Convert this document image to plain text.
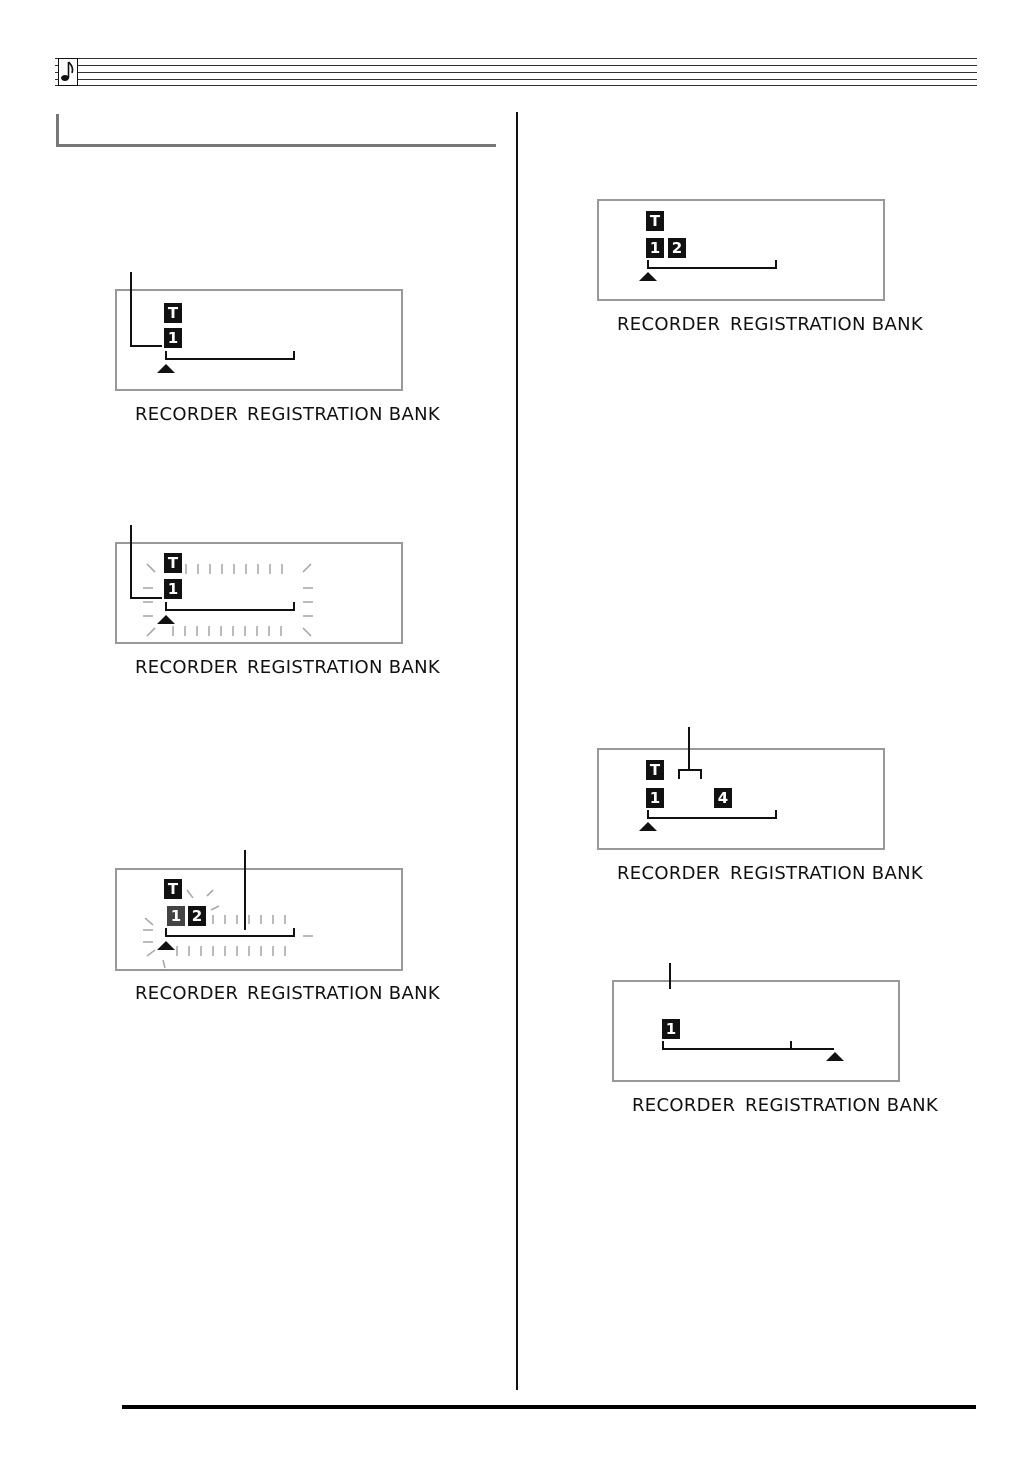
T
1
RECORDER REGISTRATION BANK
T
1
RECORDER REGISTRATION BANK
T
1 2
RECORDER REGISTRATION BANK
T
1 2
RECORDER REGISTRATION BANK
T
1	4
RECORDER REGISTRATION BANK
1
RECORDER REGISTRATION BANK
